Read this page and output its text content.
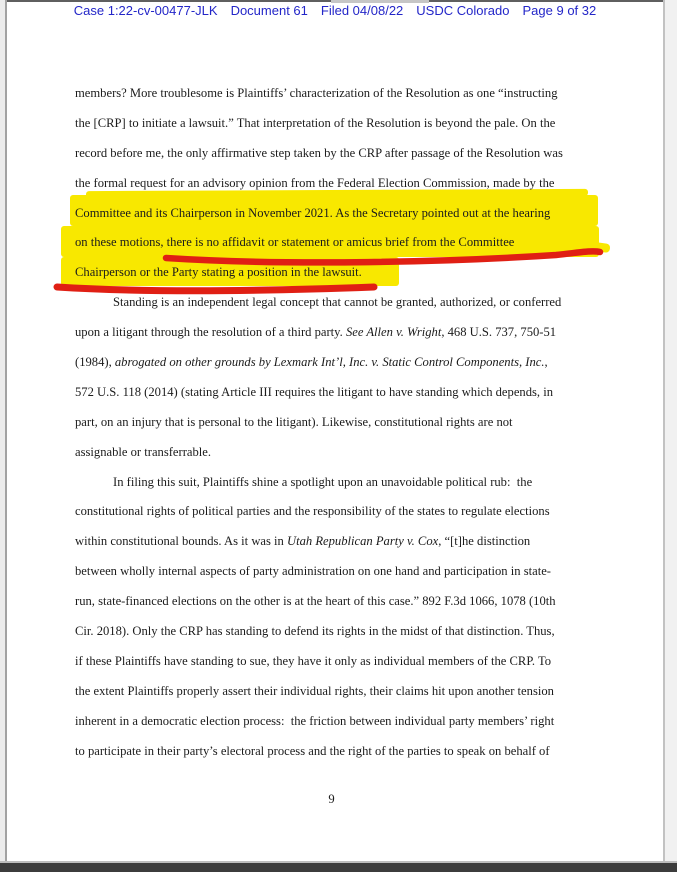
Case 1:22-cv-00477-JLK Document 61 Filed 04/08/22 USDC Colorado Page 9 of 32
members? More troublesome is Plaintiffs’ characterization of the Resolution as one “instructing
the [CRP] to initiate a lawsuit.” That interpretation of the Resolution is beyond the pale. On the
record before me, the only affirmative step taken by the CRP after passage of the Resolution was
the formal request for an advisory opinion from the Federal Election Commission, made by the
Committee and its Chairperson in November 2021. As the Secretary pointed out at the hearing
on these motions, there is no affidavit or statement or amicus brief from the Committee
Chairperson or the Party stating a position in the lawsuit.
Standing is an independent legal concept that cannot be granted, authorized, or conferred
upon a litigant through the resolution of a third party. See Allen v. Wright, 468 U.S. 737, 750-51
(1984), abrogated on other grounds by Lexmark Int’l, Inc. v. Static Control Components, Inc.,
572 U.S. 118 (2014) (stating Article III requires the litigant to have standing which depends, in
part, on an injury that is personal to the litigant). Likewise, constitutional rights are not
assignable or transferrable.
In filing this suit, Plaintiffs shine a spotlight upon an unavoidable political rub:  the
constitutional rights of political parties and the responsibility of the states to regulate elections
within constitutional bounds. As it was in Utah Republican Party v. Cox, “[t]he distinction
between wholly internal aspects of party administration on one hand and participation in state-
run, state-financed elections on the other is at the heart of this case.” 892 F.3d 1066, 1078 (10th
Cir. 2018). Only the CRP has standing to defend its rights in the midst of that distinction. Thus,
if these Plaintiffs have standing to sue, they have it only as individual members of the CRP. To
the extent Plaintiffs properly assert their individual rights, their claims hit upon another tension
inherent in a democratic election process:  the friction between individual party members’ right
to participate in their party’s electoral process and the right of the parties to speak on behalf of
9
